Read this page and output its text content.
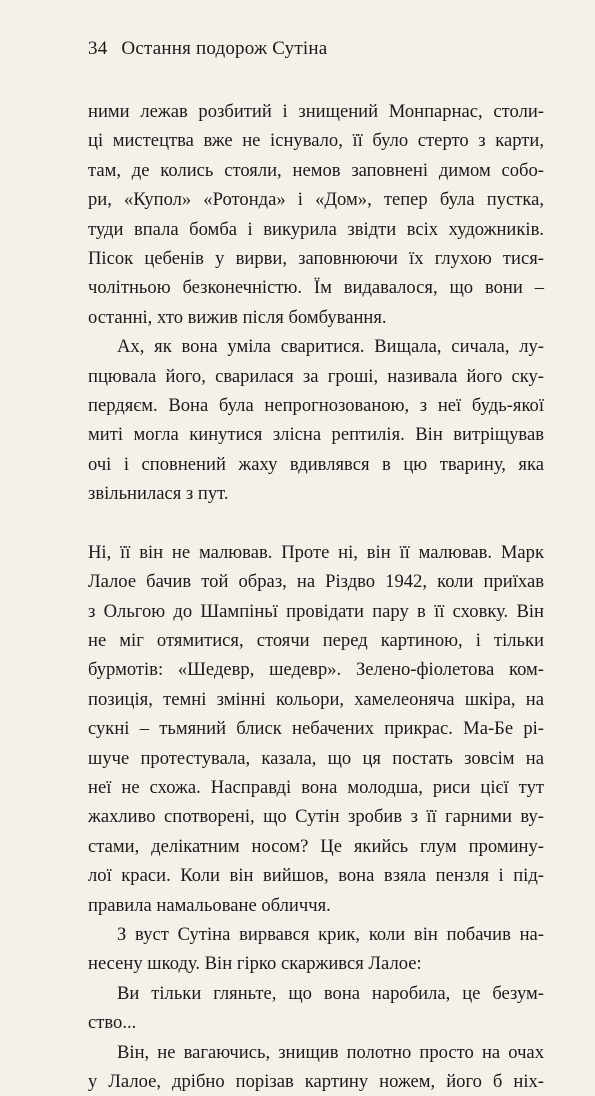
34 Остання подорож Сутіна

ними лежав розбитий і знищений Монпарнас, столи-

ці мистецтва вже не існувало, її було стерто з карти,

там, де колись стояли, немов заповнені димом собо-

ри, «Купол» «Ротонда» і «Дом», тепер була пустка,

туди впала бомба і викурила звідти всіх художників.

Пісок цебенів у вирви, заповнюючи їх глухою тися-

чолітньою безконечністю. Їм видавалося, що вони –

останні, хто вижив після бомбування.

Ах, як вона уміла сваритися. Вищала, сичала, лу-

пцювала його, сварилася за гроші, називала його ску-

пердяєм. Вона була непрогнозованою, з неї будь-якої

миті могла кинутися злісна рептилія. Він витріщував

очі і сповнений жаху вдивлявся в цю тварину, яка

звільнилася з пут.

Ні, її він не малював. Проте ні, він її малював. Марк

Лалое бачив той образ, на Різдво 1942, коли приїхав

з Ольгою до Шампіньї провідати пару в її сховку. Він

не міг отямитися, стоячи перед картиною, і тільки

бурмотів: «Шедевр, шедевр». Зелено-фіолетова ком-

позиція, темні змінні кольори, хамелеоняча шкіра, на

сукні – тьмяний блиск небачених прикрас. Ма-Бе рі-

шуче протестувала, казала, що ця постать зовсім на

неї не схожа. Насправді вона молодша, риси цієї тут

жахливо спотворені, що Сутін зробив з її гарними ву-

стами, делікатним носом? Це якийсь глум проминy-

лої краси. Коли він вийшов, вона взяла пензля і під-

правила намальоване обличчя.

З вуст Сутіна вирвався крик, коли він побачив на-

несену шкоду. Він гірко скаржився Лалое:

Ви тільки гляньте, що вона наробила, це безум-

ство...

Він, не вагаючись, знищив полотно просто на очах

у Лалое, дрібно порізав картину ножем, його б ніх-
